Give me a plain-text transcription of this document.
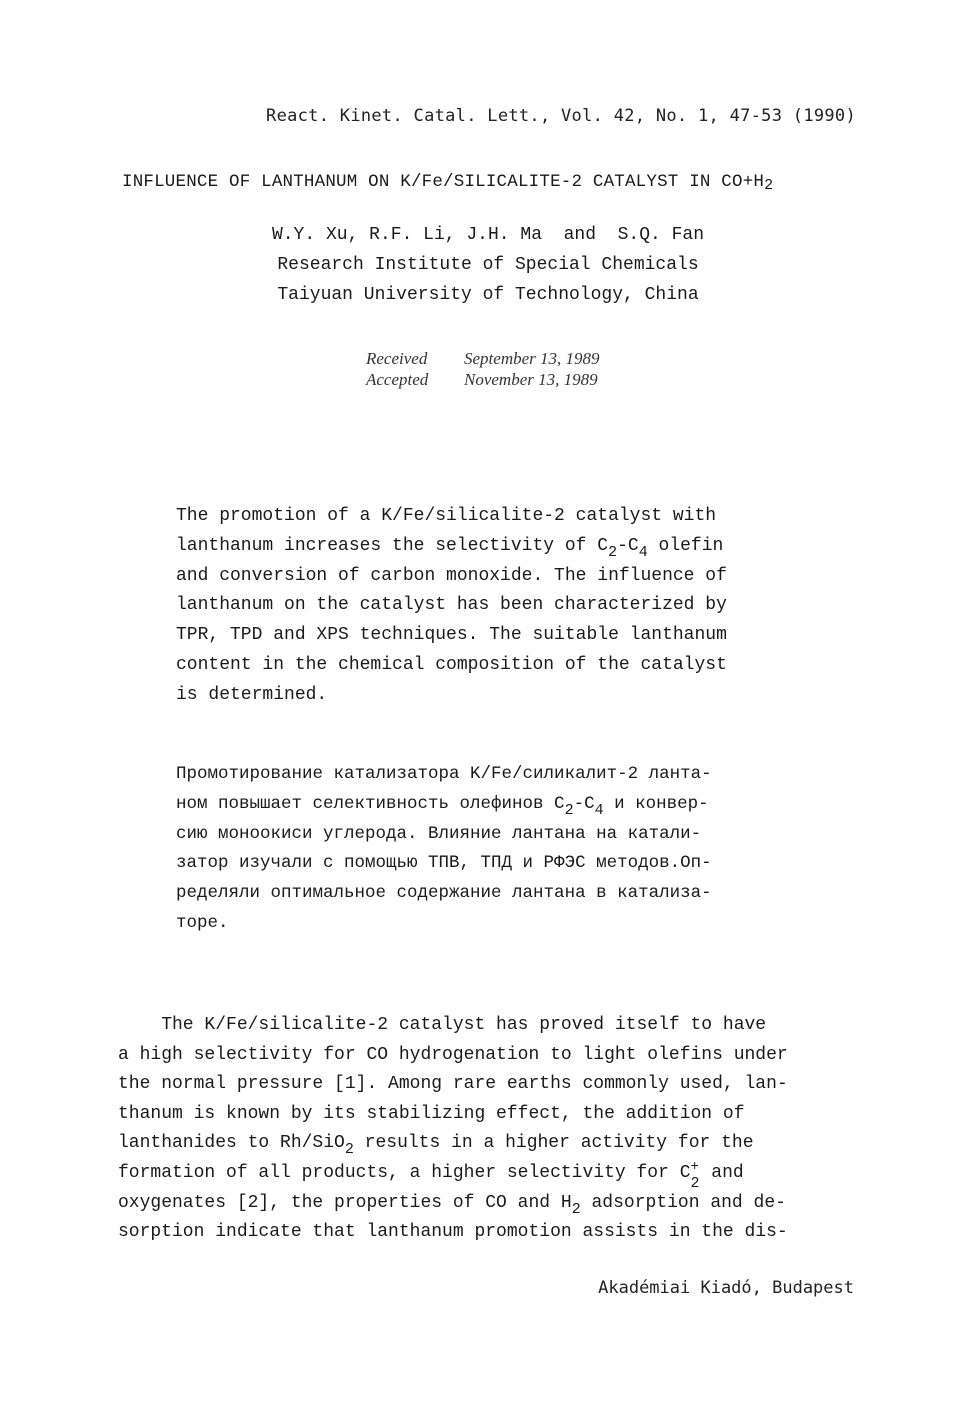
React. Kinet. Catal. Lett., Vol. 42, No. 1, 47-53 (1990)
INFLUENCE OF LANTHANUM ON K/Fe/SILICALITE-2 CATALYST IN $CO+H_2$
W.Y. Xu, R.F. Li, J.H. Ma  and  S.Q. Fan
Research Institute of Special Chemicals
Taiyuan University of Technology, China
Received September 13, 1989
Accepted November 13, 1989
The promotion of a K/Fe/silicalite-2 catalyst with
lanthanum increases the selectivity of $C_2-C_4$ olefin
and conversion of carbon monoxide. The influence of
lanthanum on the catalyst has been characterized by
TPR, TPD and XPS techniques. The suitable lanthanum
content in the chemical composition of the catalyst
is determined.
Промотирование катализатора K/Fe/силикалит-2 ланта-
ном повышает селективность олефинов C2-C4 и конвер-
сию моноокиси углерода. Влияние лантана на катали-
затор изучали с помощью ТПВ, ТПД и РФЭС методов.Оп-
ределяли оптимальное содержание лантана в катализа-
торе.
The K/Fe/silicalite-2 catalyst has proved itself to have
a high selectivity for CO hydrogenation to light olefins under
the normal pressure [1]. Among rare earths commonly used, lan-
thanum is known by its stabilizing effect, the addition of
lanthanides to Rh/SiO$_2$ results in a higher activity for the
formation of all products, a higher selectivity for C +
2
and
oxygenates [2], the properties of CO and $H_2$ adsorption and de-
sorption indicate that lanthanum promotion assists in the dis-
Akadémiai Kiadó, Budapest
